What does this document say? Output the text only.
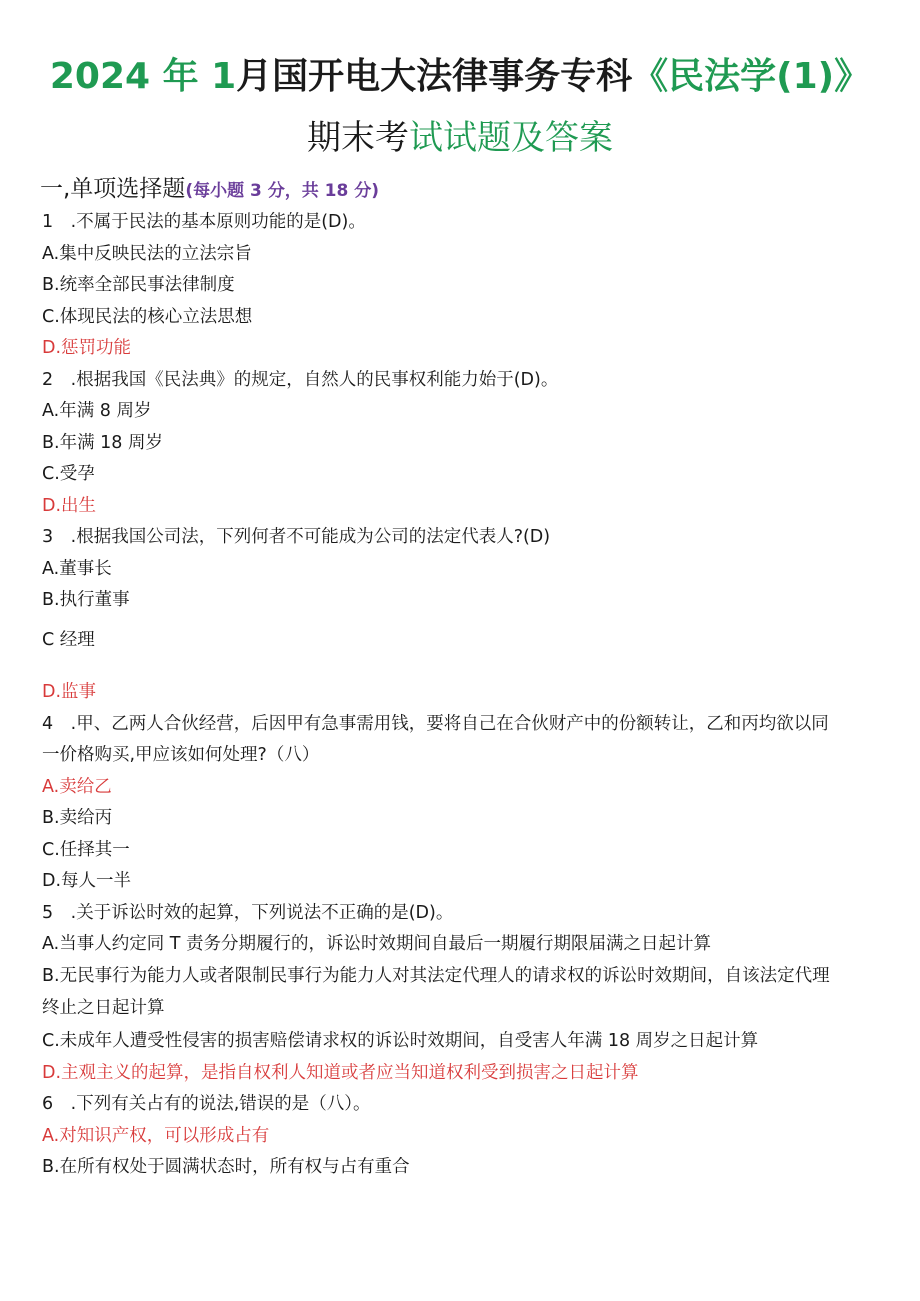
2024 年 1月国开电大法律事务专科《民法学(1)》
期末考试试题及答案
一,单项选择题(每小题 3 分，共 18 分)
1　.不属于民法的基本原则功能的是(D)。
A.集中反映民法的立法宗旨
B.统率全部民事法律制度
C.体现民法的核心立法思想
D.惩罚功能
2　.根据我国《民法典》的规定，自然人的民事权利能力始于(D)。
A.年满 8 周岁
B.年满 18 周岁
C.受孕
D.出生
3　.根据我国公司法，下列何者不可能成为公司的法定代表人?(D)
A.董事长
B.执行董事
C 经理
D.监事
4　.甲、乙两人合伙经营，后因甲有急事需用钱，要将自己在合伙财产中的份额转让，乙和丙均欲以同
一价格购买,甲应该如何处理?（八）
A.卖给乙
B.卖给丙
C.任择其一
D.每人一半
5　.关于诉讼时效的起算，下列说法不正确的是(D)。
A.当事人约定同 T 责务分期履行的，诉讼时效期间自最后一期履行期限届满之日起计算
B.无民事行为能力人或者限制民事行为能力人对其法定代理人的请求权的诉讼时效期间，自该法定代理
终止之日起计算
C.未成年人遭受性侵害的损害赔偿请求权的诉讼时效期间，自受害人年满 18 周岁之日起计算
D.主观主义的起算，是指自权利人知道或者应当知道权利受到损害之日起计算
6　.下列有关占有的说法,错误的是（八）。
A.对知识产权，可以形成占有
B.在所有权处于圆满状态时，所有权与占有重合
